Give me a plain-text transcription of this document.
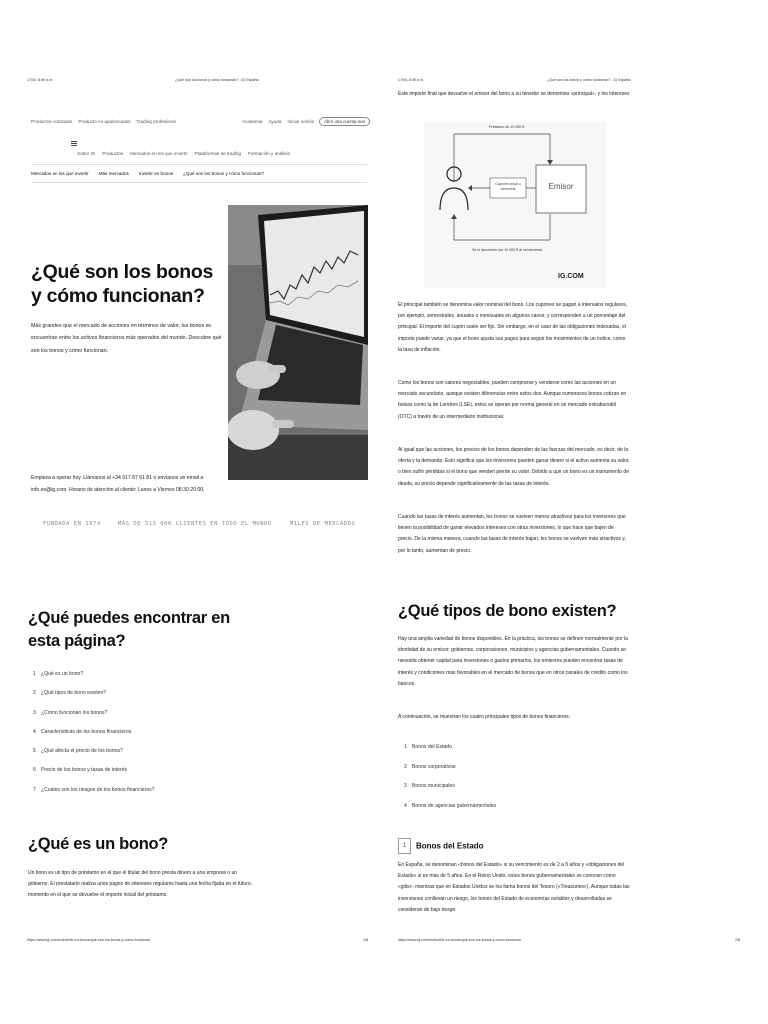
17/04, 8:59 p.m.	¿Qué son los bonos y cómo funcionan? - IG España
Productos cotizados Producto no apalancados Trading profesional	Academia Ayuda Iniciar sesión	Abrir una cuenta real
Sobre IG Productos Mercados en los que invertir Plataformas de trading Formación y análisis
Mercados en los que invertir Más mercados Invertir en bonos ¿Qué son los bonos y cómo funcionan?
¿Qué son los bonos y cómo funcionan?
Más grandes que el mercado de acciones en términos de valor, los bonos se encuentran entre los activos financieros más operados del mundo. Descubre qué son los bonos y cómo funcionan.
Empieza a operar hoy. Llámanos al +34 917 87 61 81 o envíanos un email a info.es@ig.com. Horario de atención al cliente: Lunes a Viernes 08:30-20:00.
FUNDADA EN 1974	MÁS DE 313 000 CLIENTES EN TODO EL MUNDO	MILES DE MERCADOS
¿Qué puedes encontrar en esta página?
1 ¿Qué es un bono?
2 ¿Qué tipos de bono existen?
3 ¿Cómo funcionan los bonos?
4 Características de los bonos financieros
5 ¿Qué afecta el precio de los bonos?
6 Precio de los bonos y tasas de interés
7 ¿Cuáles son los riesgos de los bonos financieros?
¿Qué es un bono?
Un bono es un tipo de préstamo en el que el titular del bono presta dinero a una empresa o un gobierno. El prestatario realiza unos pagos de intereses regulares hasta una fecha fijada en el futuro, momento en el que se devuelve el importe inicial del préstamo.
https://www.ig.com/es/invertir-en-bonos/que-son-los-bonos-y-como-funcionan	1/8
17/04, 8:59 p.m.	¿Qué son los bonos y cómo funcionan? - IG España
Este importe final que devuelve el emisor del bono a su tenedor se denomina «principal», y los intereses
Préstamo de 10 000 €
Cupones anual o semestral	Emisor
Se le devuelven los 10 000 € al vencimiento
IG.COM
El principal también se denomina valor nominal del bono. Los cupones se pagan a intervalos regulares, por ejemplo, semestrales, anuales o mensuales en algunos casos; y corresponden a un porcentaje del principal. El importe del cupón suele ser fijo. Sin embargo, en el caso de las obligaciones indexadas, el importe puede variar, ya que el bono ajusta sus pagos para seguir los movimientos de un índice, como la tasa de inflación.
Como los bonos son valores negociables, pueden comprarse y venderse como las acciones en un mercado secundario, aunque existen diferencias entre estos dos. Aunque numerosos bonos cotizan en bolsas como la de Londres (LSE), estos se operan por norma general en un mercado extrabursátil (OTC) a través de un intermediario institucional.
Al igual que las acciones, los precios de los bonos dependen de las fuerzas del mercado, es decir, de la oferta y la demanda. Esto significa que los inversores pueden ganar dinero si el activo aumenta su valor, o bien sufrir pérdidas si el bono que venden pierde su valor. Debido a que un bono es un instrumento de deuda, su precio depende significativamente de las tasas de interés.
Cuando las tasas de interés aumentan, los bonos se vuelven menos atractivos para los inversores que tienen la posibilidad de ganar elevados intereses con otras inversiones, lo que hace que bajen de precio. De la misma manera, cuando las tasas de interés bajan, los bonos se vuelven más atractivos y, por lo tanto, aumentan de precio.
¿Qué tipos de bono existen?
Hay una amplia variedad de bonos disponibles. En la práctica, los bonos se definen normalmente por la identidad de su emisor: gobiernos, corporaciones, municipios y agencias gubernamentales. Cuando se necesita obtener capital para inversiones o gastos primarios, los emisores pueden encontrar tasas de interés y condiciones más favorables en el mercado de bonos que en otros canales de crédito como los bancos.
A continuación, se muestran los cuatro principales tipos de bonos financieros:
1 Bonos del Estado
2 Bonos corporativos
3 Bonos municipales
4 Bonos de agencias gubernamentales
1 Bonos del Estado
En España, se denominan «bonos del Estado» si su vencimiento es de 2 a 5 años y «obligaciones del Estado» si es más de 5 años. En el Reino Unido, estos bonos gubernamentales se conocen como «gilts», mientras que en Estados Unidos se los llama bonos del Tesoro («Treasuries»). Aunque todas las inversiones conllevan un riesgo, los bonos del Estado de economías estables y desarrolladas se consideran de bajo riesgo.
https://www.ig.com/es/invertir-en-bonos/que-son-los-bonos-y-como-funcionan	2/8
